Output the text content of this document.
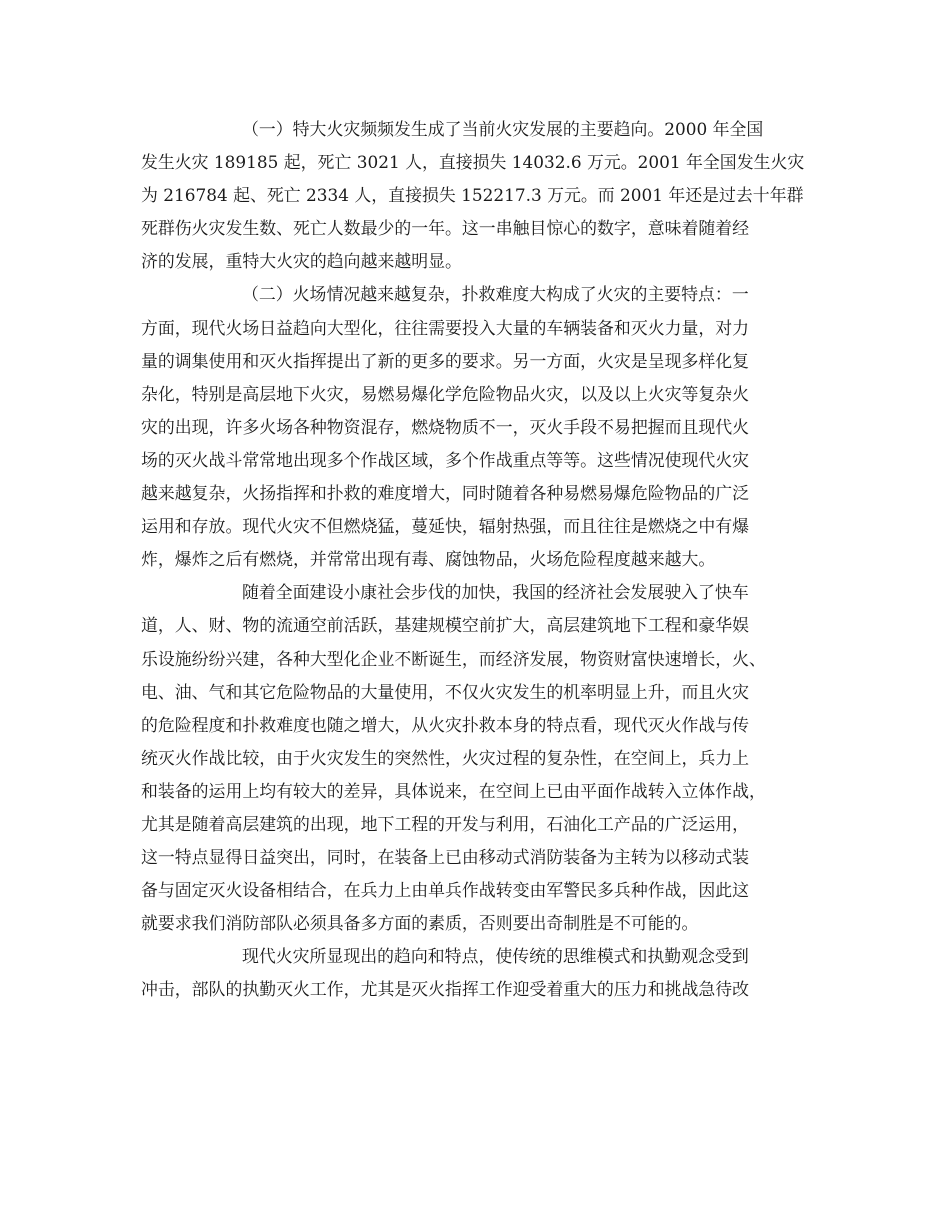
（一）特大火灾频频发生成了当前火灾发展的主要趋向。2000 年全国
发生火灾 189185 起，死亡 3021 人，直接损失 14032.6 万元。2001 年全国发生火灾
为 216784 起、死亡 2334 人，直接损失 152217.3 万元。而 2001 年还是过去十年群
死群伤火灾发生数、死亡人数最少的一年。这一串触目惊心的数字，意味着随着经
济的发展，重特大火灾的趋向越来越明显。
（二）火场情况越来越复杂，扑救难度大构成了火灾的主要特点：一
方面，现代火场日益趋向大型化，往往需要投入大量的车辆装备和灭火力量，对力
量的调集使用和灭火指挥提出了新的更多的要求。另一方面，火灾是呈现多样化复
杂化，特别是高层地下火灾，易燃易爆化学危险物品火灾，以及以上火灾等复杂火
灾的出现，许多火场各种物资混存，燃烧物质不一，灭火手段不易把握而且现代火
场的灭火战斗常常地出现多个作战区域，多个作战重点等等。这些情况使现代火灾
越来越复杂，火扬指挥和扑救的难度增大，同时随着各种易燃易爆危险物品的广泛
运用和存放。现代火灾不但燃烧猛，蔓延快，辐射热强，而且往往是燃烧之中有爆
炸，爆炸之后有燃烧，并常常出现有毒、腐蚀物品，火场危险程度越来越大。
随着全面建设小康社会步伐的加快，我国的经济社会发展驶入了快车
道，人、财、物的流通空前活跃，基建规模空前扩大，高层建筑地下工程和豪华娱
乐设施纷纷兴建，各种大型化企业不断诞生，而经济发展，物资财富快速增长，火、
电、油、气和其它危险物品的大量使用，不仅火灾发生的机率明显上升，而且火灾
的危险程度和扑救难度也随之增大，从火灾扑救本身的特点看，现代灭火作战与传
统灭火作战比较，由于火灾发生的突然性，火灾过程的复杂性，在空间上，兵力上
和装备的运用上均有较大的差异，具体说来，在空间上已由平面作战转入立体作战，
尤其是随着高层建筑的出现，地下工程的开发与利用，石油化工产品的广泛运用，
这一特点显得日益突出，同时，在装备上已由移动式消防装备为主转为以移动式装
备与固定灭火设备相结合，在兵力上由单兵作战转变由军警民多兵种作战，因此这
就要求我们消防部队必须具备多方面的素质，否则要出奇制胜是不可能的。
现代火灾所显现出的趋向和特点，使传统的思维模式和执勤观念受到
冲击，部队的执勤灭火工作，尤其是灭火指挥工作迎受着重大的压力和挑战急待改
